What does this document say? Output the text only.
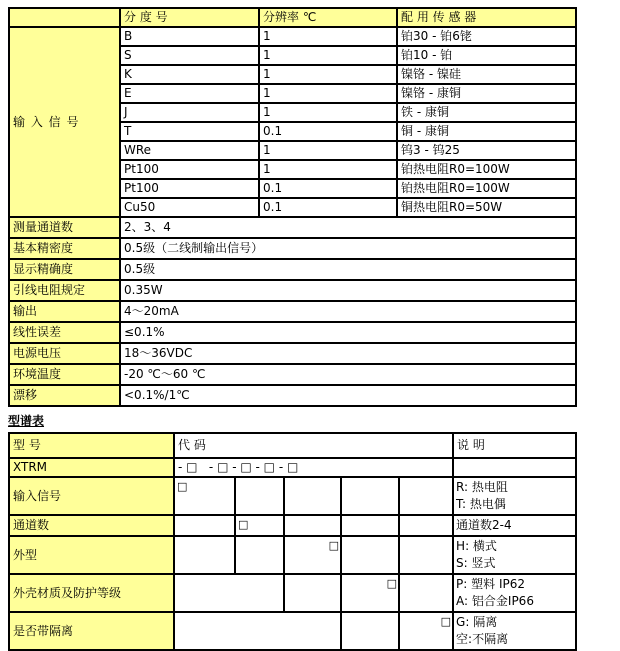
	分 度 号	分辨率 ℃	配 用 传 感 器
输 入 信 号	B	1	铂30 - 铂6铑
	S	1	铂10 - 铂
	K	1	镍铬 - 镍硅
	E	1	镍铬 - 康铜
	J	1	铁 - 康铜
	T	0.1	铜 - 康铜
	WRe	1	钨3 - 钨25
	Pt100	1	铂热电阻R0=100W
	Pt100	0.1	铂热电阻R0=100W
	Cu50	0.1	铜热电阻R0=50W
测量通道数	2、3、4		
基本精密度	0.5级（二线制输出信号）		
显示精确度	0.5级		
引线电阻规定	0.35W		
输出	4～20mA		
线性误差	≤0.1%		
电源电压	18～36VDC		
环境温度	-20 ℃～60 ℃		
漂移	<0.1%/1℃		
型谱表
型 号	代 码					说 明
XTRM	- □   - □ - □ - □ - □					
输入信号	□					R: 热电阻
T: 热电偶

通道数		□				通道数2-4

外型			□			H: 横式
S: 竖式

外壳材质及防护等级				□		P: 塑料 IP62
A: 铝合金IP66

是否带隔离					□	G: 隔离
空:不隔离
